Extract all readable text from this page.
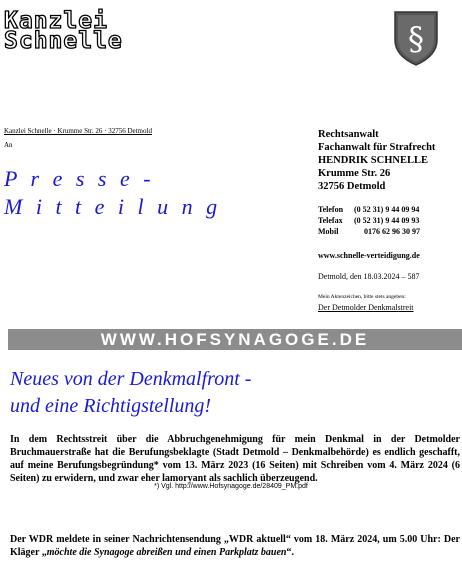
Kanzlei
Schnelle	§
Kanzlei Schnelle · Krumme Str. 26 · 32756 Detmold
An
P r e s s e -
M i t t e i l u n g
Rechtsanwalt
Fachanwalt für Strafrecht
HENDRIK SCHNELLE
Krumme Str. 26
32756 Detmold
Telefon
	(0 52 31) 9 44 09 94
Telefax
	(0 52 31) 9 44 09 93
Mobil
	0176 62 96 30 97
www.schnelle-verteidigung.de
Detmold, den 18.03.2024 – 587
Mein Aktenzeichen, bitte stets angeben:
Der Detmolder Denkmalstreit
WWW.HOFSYNAGOGE.DE
Neues von der Denkmalfront -
und eine Richtigstellung!

In dem Rechtsstreit über die Abbruchgenehmigung für mein Denkmal in der Detmolder Bruchmauerstraße hat die Berufungsbeklagte (Stadt Detmold – Denkmalbehörde) es endlich geschafft, auf meine Berufungsbegründung* vom 13. März 2023 (16 Seiten) mit Schreiben vom 4. März 2024 (6 Seiten) zu erwidern, und zwar eher lamoryant als sachlich überzeugend.

*) Vgl. http://www.Hofsynagoge.de/28409_PM.pdf

Der WDR meldete in seiner Nachrichtensendung „WDR aktuell“ vom 18. März 2024, um 5.00 Uhr: Der Kläger „möchte die Synagoge abreißen und einen Parkplatz bauen“.
